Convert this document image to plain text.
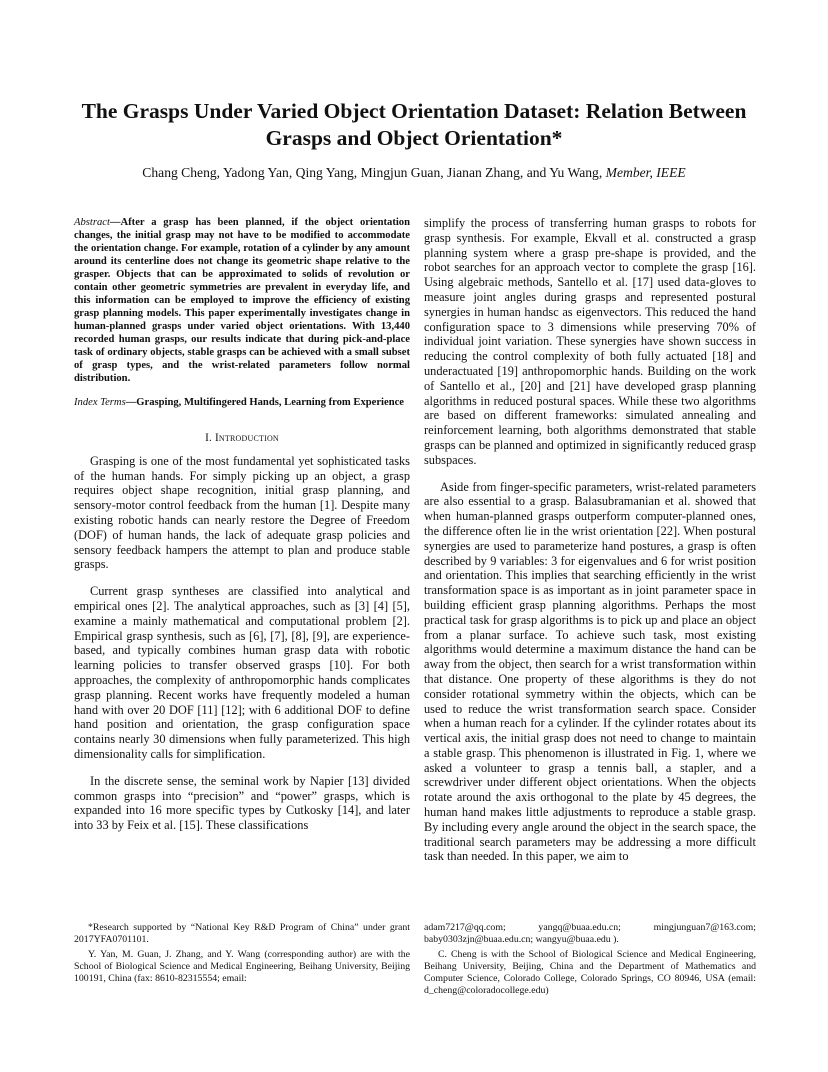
The Grasps Under Varied Object Orientation Dataset: Relation Between Grasps and Object Orientation*
Chang Cheng, Yadong Yan, Qing Yang, Mingjun Guan, Jianan Zhang, and Yu Wang, Member, IEEE

Abstract—After a grasp has been planned, if the object orientation changes, the initial grasp may not have to be modified to accommodate the orientation change. For example, rotation of a cylinder by any amount around its centerline does not change its geometric shape relative to the grasper. Objects that can be approximated to solids of revolution or contain other geometric symmetries are prevalent in everyday life, and this information can be employed to improve the efficiency of existing grasp planning models. This paper experimentally investigates change in human-planned grasps under varied object orientations. With 13,440 recorded human grasps, our results indicate that during pick-and-place task of ordinary objects, stable grasps can be achieved with a small subset of grasp types, and the wrist-related parameters follow normal distribution.

Index Terms—Grasping, Multifingered Hands, Learning from Experience

I. Introduction

Grasping is one of the most fundamental yet sophisticated tasks of the human hands. For simply picking up an object, a grasp requires object shape recognition, initial grasp planning, and sensory-motor control feedback from the human [1]. Despite many existing robotic hands can nearly restore the Degree of Freedom (DOF) of human hands, the lack of adequate grasp policies and sensory feedback hampers the attempt to plan and produce stable grasps.

Current grasp syntheses are classified into analytical and empirical ones [2]. The analytical approaches, such as [3] [4] [5], examine a mainly mathematical and computational problem [2]. Empirical grasp synthesis, such as [6], [7], [8], [9], are experience-based, and typically combines human grasp data with robotic learning policies to transfer observed grasps [10]. For both approaches, the complexity of anthropomorphic hands complicates grasp planning. Recent works have frequently modeled a human hand with over 20 DOF [11] [12]; with 6 additional DOF to define hand position and orientation, the grasp configuration space contains nearly 30 dimensions when fully parameterized. This high dimensionality calls for simplification.

In the discrete sense, the seminal work by Napier [13] divided common grasps into “precision” and “power” grasps, which is expanded into 16 more specific types by Cutkosky [14], and later into 33 by Feix et al. [15]. These classifications

simplify the process of transferring human grasps to robots for grasp synthesis. For example, Ekvall et al. constructed a grasp planning system where a grasp pre-shape is provided, and the robot searches for an approach vector to complete the grasp [16]. Using algebraic methods, Santello et al. [17] used data-gloves to measure joint angles during grasps and represented postural synergies in human handsc as eigenvectors. This reduced the hand configuration space to 3 dimensions while preserving 70% of individual joint variation. These synergies have shown success in reducing the control complexity of both fully actuated [18] and underactuated [19] anthropomorphic hands. Building on the work of Santello et al., [20] and [21] have developed grasp planning algorithms in reduced postural spaces. While these two algorithms are based on different frameworks: simulated annealing and reinforcement learning, both algorithms demonstrated that stable grasps can be planned and optimized in significantly reduced grasp subspaces.

Aside from finger-specific parameters, wrist-related parameters are also essential to a grasp. Balasubramanian et al. showed that when human-planned grasps outperform computer-planned ones, the difference often lie in the wrist orientation [22]. When postural synergies are used to parameterize hand postures, a grasp is often described by 9 variables: 3 for eigenvalues and 6 for wrist position and orientation. This implies that searching efficiently in the wrist transformation space is as important as in joint parameter space in building efficient grasp planning algorithms. Perhaps the most practical task for grasp algorithms is to pick up and place an object from a planar surface. To achieve such task, most existing algorithms would determine a maximum distance the hand can be away from the object, then search for a wrist transformation within that distance. One property of these algorithms is they do not consider rotational symmetry within the objects, which can be used to reduce the wrist transformation search space. Consider when a human reach for a cylinder. If the cylinder rotates about its vertical axis, the initial grasp does not need to change to maintain a stable grasp. This phenomenon is illustrated in Fig. 1, where we asked a volunteer to grasp a tennis ball, a stapler, and a screwdriver under different object orientations. When the objects rotate around the axis orthogonal to the plate by 45 degrees, the human hand makes little adjustments to reproduce a stable grasp. By including every angle around the object in the search space, the traditional search parameters may be addressing a more difficult task than needed. In this paper, we aim to

*Research supported by “National Key R&D Program of China” under grant 2017YFA0701101.

Y. Yan, M. Guan, J. Zhang, and Y. Wang (corresponding author) are with the School of Biological Science and Medical Engineering, Beihang University, Beijing 100191, China (fax: 8610-82315554; email:

adam7217@qq.com; yangq@buaa.edu.cn; mingjunguan7@163.com; baby0303zjn@buaa.edu.cn; wangyu@buaa.edu ).

C. Cheng is with the School of Biological Science and Medical Engineering, Beihang University, Beijing, China and the Department of Mathematics and Computer Science, Colorado College, Colorado Springs, CO 80946, USA (email: d_cheng@coloradocollege.edu)
